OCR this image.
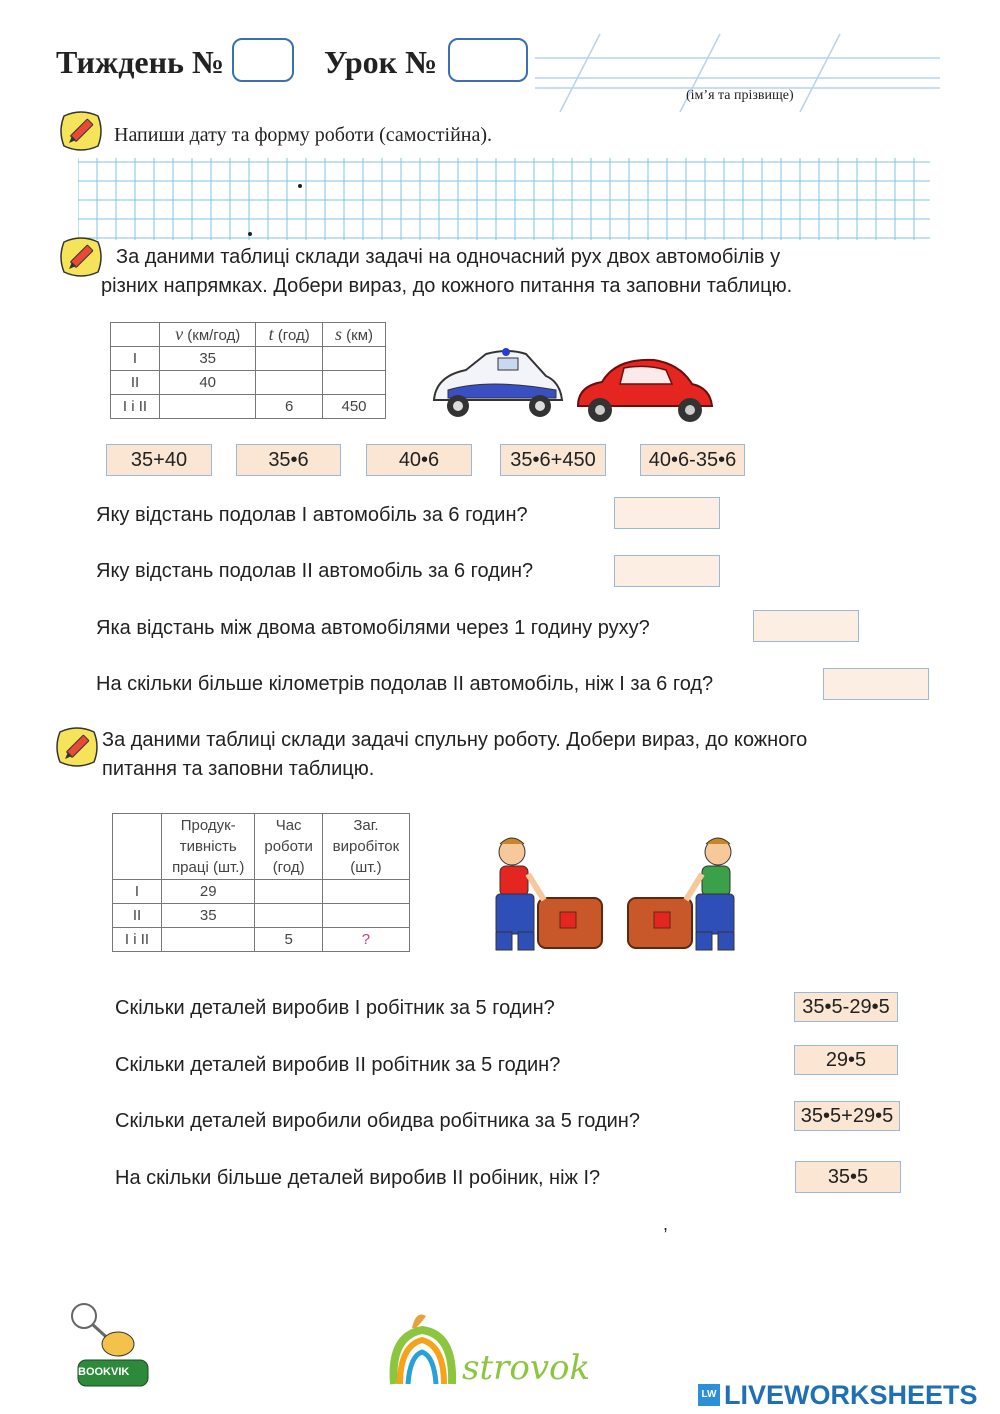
Тиждень №	Урок №
(ім’я та прізвище)
Напиши дату та форму роботи (самостійна).
За даними таблиці склади задачі на одночасний рух двох автомобілів у
різних напрямках. Добери вираз, до кожного питання та заповни таблицю.
	v (км/год)	t (год)	s (км)
I	35		
II	40		
I і II		6	450
35+40	35•6	40•6	35•6+450	40•6-35•6
Яку відстань подолав І автомобіль за 6 годин?
Яку відстань подолав ІІ автомобіль за 6 годин?
Яка відстань між двома автомобілями через 1 годину руху?
На скільки більше кілометрів подолав ІІ автомобіль, ніж І за 6 год?
За даними таблиці склади задачі спульну роботу. Добери вираз, до кожного
питання та заповни таблицю.
	Продук-
тивність
праці (шт.)	Час
роботи
(год)	Заг.
виробіток
(шт.)
I	29		
II	35		
I і II		5	?
Скільки деталей виробив І робітник за 5 годин?	35•5-29•5
Скільки деталей виробив ІІ робітник за 5 годин?	29•5
Скільки деталей виробили обидва робітника за 5 годин?	35•5+29•5
На скільки більше деталей виробив ІІ робіник, ніж І?	35•5
,
BOOKVIK	strovok
LW LIVEWORKSHEETS
